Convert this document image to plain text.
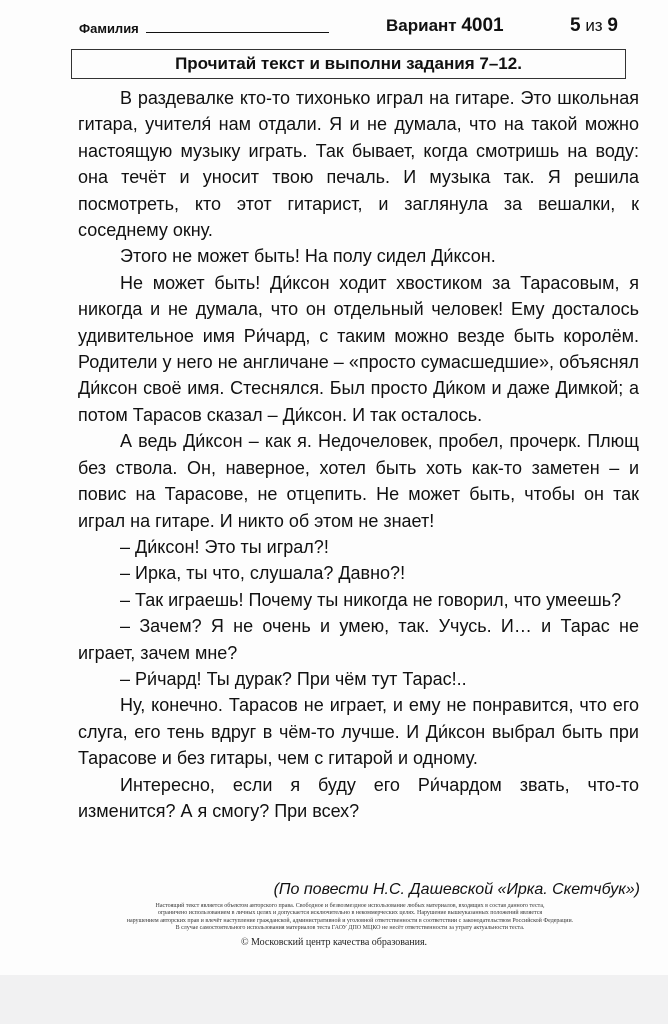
Фамилия	Вариант 4001	5 из 9
Прочитай текст и выполни задания 7–12.

В раздевалке кто-то тихонько играл на гитаре. Это школьная гитара, учителя́ нам отдали. Я и не думала, что на такой можно настоящую музыку играть. Так бывает, когда смотришь на воду: она течёт и уносит твою печаль. И музыка так. Я решила посмотреть, кто этот гитарист, и заглянула за вешалки, к соседнему окну.

Этого не может быть! На полу сидел Ди́ксон.

Не может быть! Ди́ксон ходит хвостиком за Тарасовым, я никогда и не думала, что он отдельный человек! Ему досталось удивительное имя Ри́чард, с таким можно везде быть королём. Родители у него не англичане – «просто сумасшедшие», объяснял Ди́ксон своё имя. Стеснялся. Был просто Ди́ком и даже Димкой; а потом Тарасов сказал – Ди́ксон. И так осталось.

А ведь Ди́ксон – как я. Недочеловек, пробел, прочерк. Плющ без ствола. Он, наверное, хотел быть хоть как-то заметен – и повис на Тарасове, не отцепить. Не может быть, чтобы он так играл на гитаре. И никто об этом не знает!

– Ди́ксон! Это ты играл?!

– Ирка, ты что, слушала? Давно?!

– Так играешь! Почему ты никогда не говорил, что умеешь?

– Зачем? Я не очень и умею, так. Учусь. И… и Тарас не играет, зачем мне?

– Ри́чард! Ты дурак? При чём тут Тарас!..

Ну, конечно. Тарасов не играет, и ему не понравится, что его слуга, его тень вдруг в чём-то лучше. И Ди́ксон выбрал быть при Тарасове и без гитары, чем с гитарой и одному.

Интересно, если я буду его Ри́чардом звать, что-то изменится? А я смогу? При всех?

(По повести Н.С. Дашевской «Ирка. Скетчбук»)
Настоящий текст является объектом авторского права. Свободное и безвозмездное использование любых материалов, входящих в состав данного теста,
ограничено использованием в личных целях и допускается исключительно в некоммерческих целях. Нарушение вышеуказанных положений является
нарушением авторских прав и влечёт наступление гражданской, административной и уголовной ответственности в соответствии с законодательством Российской Федерации.
В случае самостоятельного использования материалов теста ГАОУ ДПО МЦКО не несёт ответственности за утрату актуальности теста.
© Московский центр качества образования.
